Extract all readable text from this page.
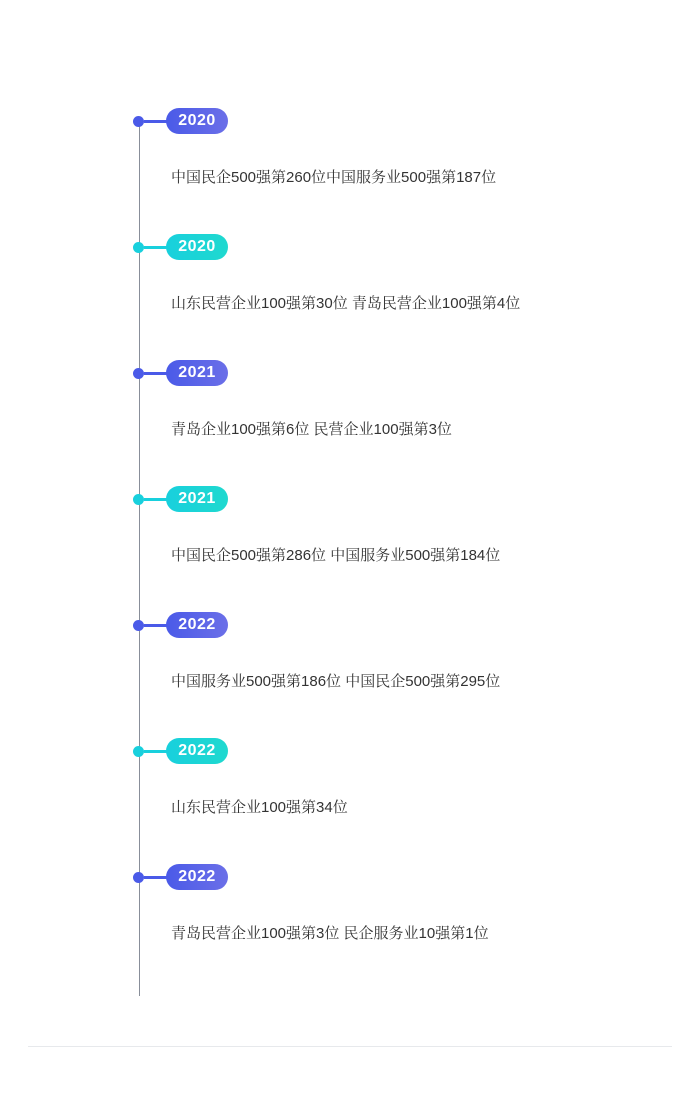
2020
中国民企500强第260位中国服务业500强第187位
2020
山东民营企业100强第30位 青岛民营企业100强第4位
2021
青岛企业100强第6位 民营企业100强第3位
2021
中国民企500强第286位 中国服务业500强第184位
2022
中国服务业500强第186位 中国民企500强第295位
2022
山东民营企业100强第34位
2022
青岛民营企业100强第3位 民企服务业10强第1位
